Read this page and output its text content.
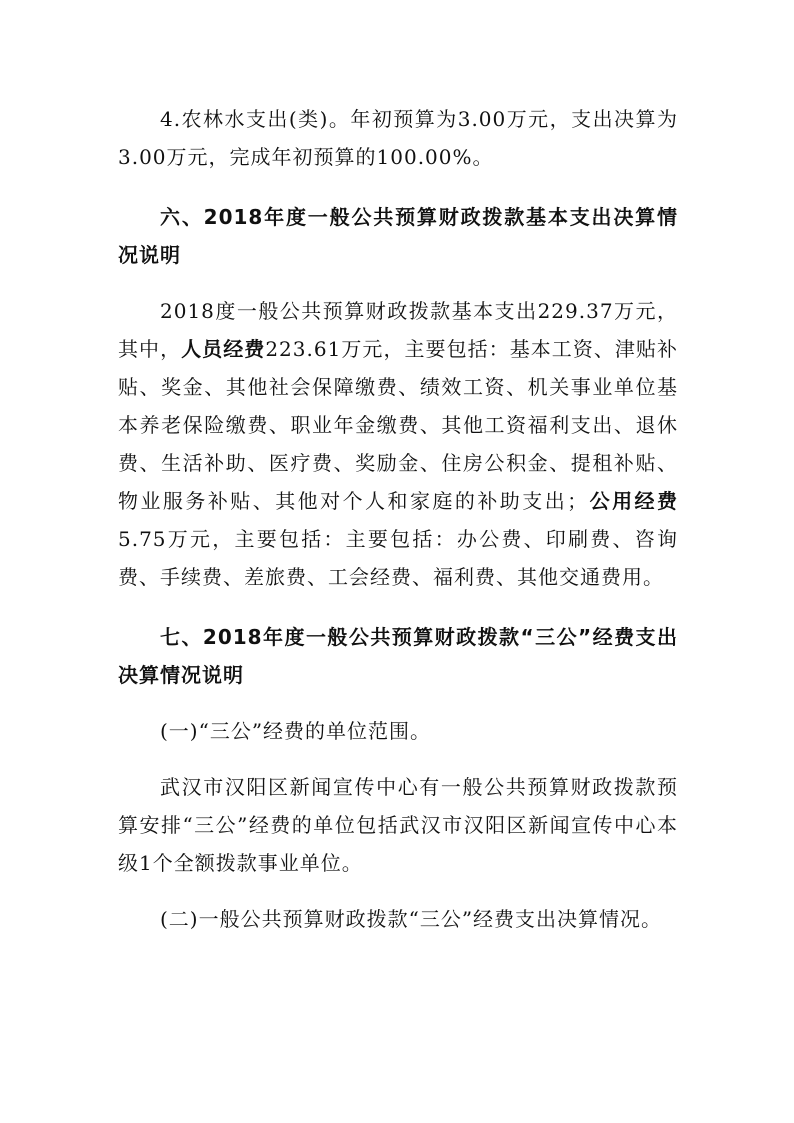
4.农林水支出(类)。年初预算为3.00万元，支出决算为3.00万元，完成年初预算的100.00%。

六、2018年度一般公共预算财政拨款基本支出决算情况说明

2018度一般公共预算财政拨款基本支出229.37万元，其中，人员经费223.61万元，主要包括：基本工资、津贴补贴、奖金、其他社会保障缴费、绩效工资、机关事业单位基本养老保险缴费、职业年金缴费、其他工资福利支出、退休费、生活补助、医疗费、奖励金、住房公积金、提租补贴、物业服务补贴、其他对个人和家庭的补助支出；公用经费5.75万元，主要包括：主要包括：办公费、印刷费、咨询费、手续费、差旅费、工会经费、福利费、其他交通费用。

七、2018年度一般公共预算财政拨款“三公”经费支出决算情况说明

(一)“三公”经费的单位范围。

武汉市汉阳区新闻宣传中心有一般公共预算财政拨款预算安排“三公”经费的单位包括武汉市汉阳区新闻宣传中心本级1个全额拨款事业单位。

(二)一般公共预算财政拨款“三公”经费支出决算情况。
